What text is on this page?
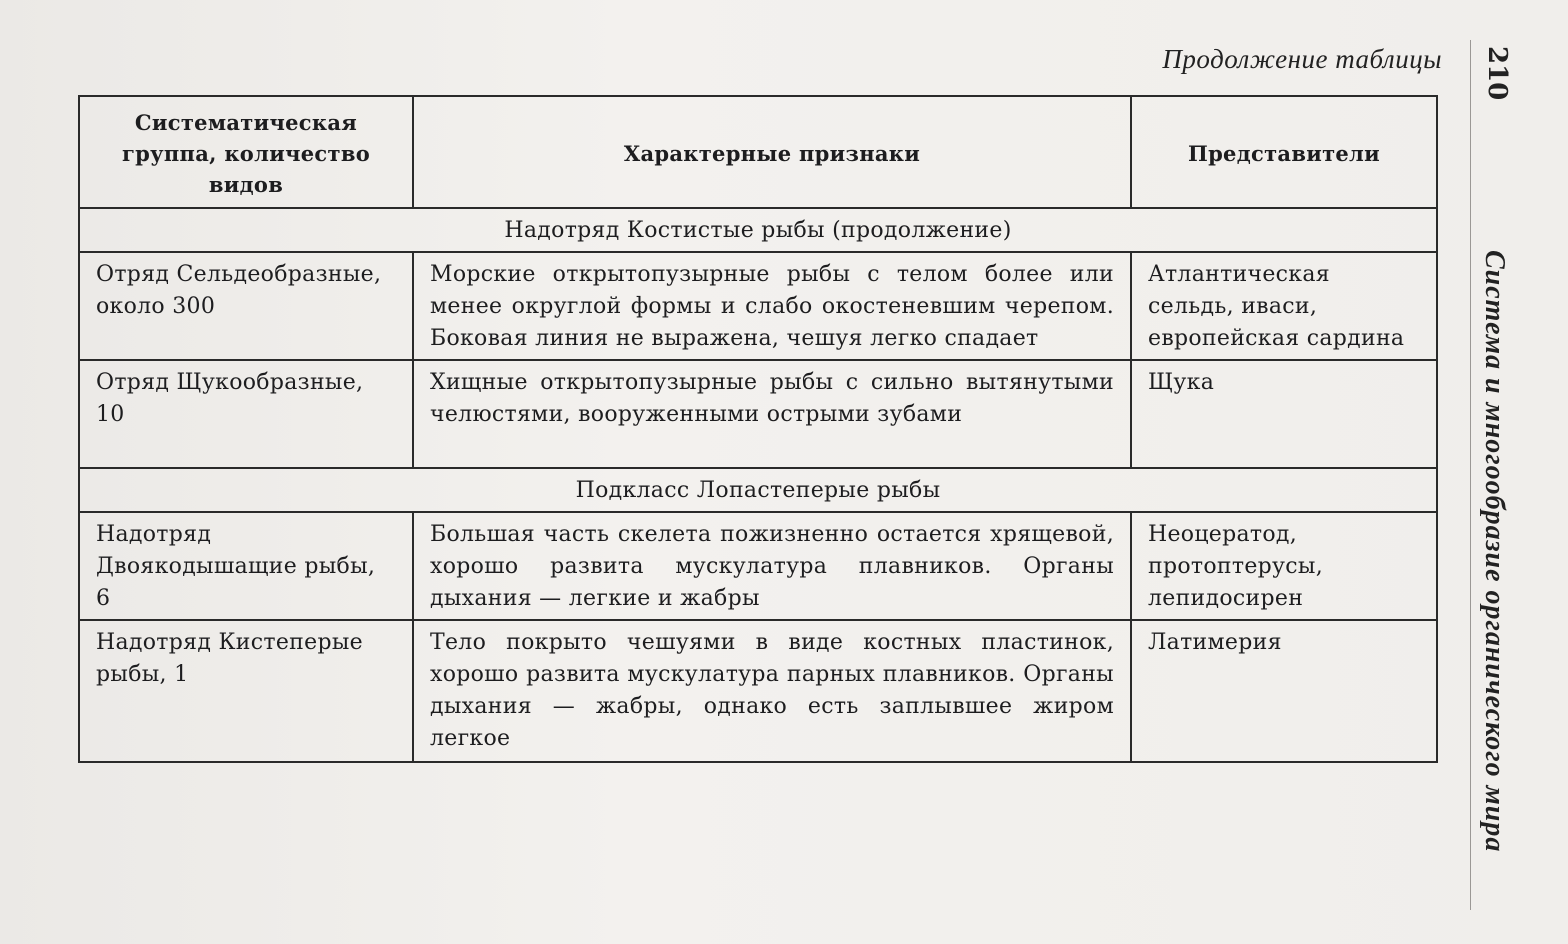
Продолжение таблицы 210
Система и многообразие органического мира
Систематическая группа, количество видов	Характерные признаки	Представители
Надотряд Костистые рыбы (продолжение)		
Отряд Сельдеобразные, около 300	Морские открытопузырные рыбы с телом более или менее округлой формы и слабо окостеневшим черепом. Боковая линия не выражена, чешуя легко спадает	Атлантическая сельдь, иваси, европейская сардина
Отряд Щукообразные, 10	Хищные открытопузырные рыбы с сильно вытянутыми челюстями, вооруженными острыми зубами	Щука
Подкласс Лопастеперые рыбы		
Надотряд Двоякодышащие рыбы, 6	Большая часть скелета пожизненно остается хрящевой, хорошо развита мускулатура плавников. Органы дыхания — легкие и жабры	Неоцератод, протоптерусы, лепидосирен
Надотряд Кистеперые рыбы, 1	Тело покрыто чешуями в виде костных пластинок, хорошо развита мускулатура парных плавников. Органы дыхания — жабры, однако есть заплывшее жиром легкое	Латимерия
